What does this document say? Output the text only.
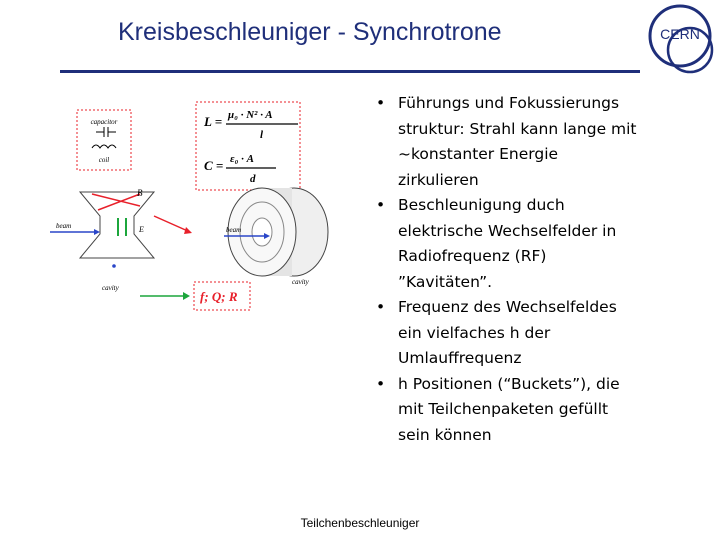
Kreisbeschleuniger - Synchrotrone	CERN
capacitor
coil
B
E
beam
cavity
L = μ₀ · N² · A
l
C = ε₀ · A
d
beam
cavity
f; Q; R
• Führungs und Fokussierungs
struktur: Strahl kann lange mit
~konstanter Energie
zirkulieren
• Beschleunigung duch
elektrische Wechselfelder in
Radiofrequenz (RF)
”Kavitäten”.
• Frequenz des Wechselfeldes
ein vielfaches h der
Umlauffrequenz
• h Positionen (“Buckets”), die
mit Teilchenpaketen gefüllt
sein können
Teilchenbeschleuniger
